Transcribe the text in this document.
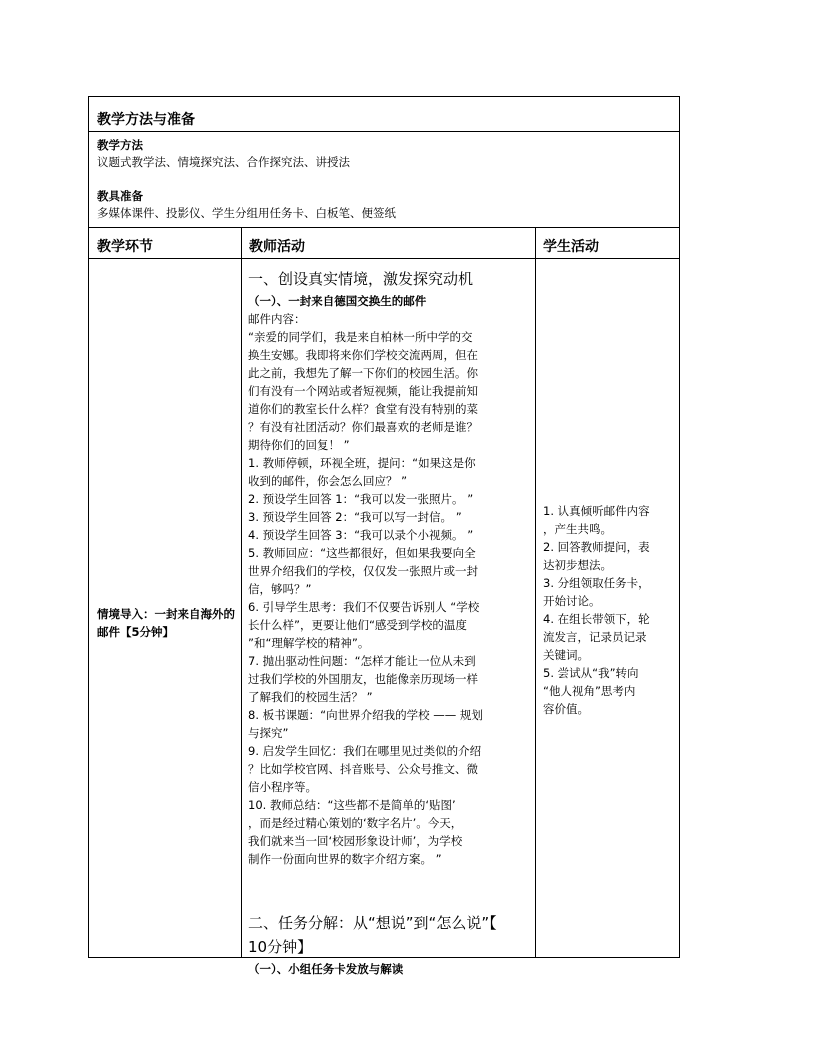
教学方法与准备
教学方法
议题式教学法、情境探究法、合作探究法、讲授法
教具准备
多媒体课件、投影仪、学生分组用任务卡、白板笔、便签纸
教学环节	教师活动	学生活动
情境导入：一封来自海外的邮件【5分钟】

一、创设真实情境，激发探究动机

（一）、一封来自德国交换生的邮件

邮件内容：

“亲爱的同学们，我是来自柏林一所中学的交

换生安娜。我即将来你们学校交流两周，但在

此之前，我想先了解一下你们的校园生活。你

们有没有一个网站或者短视频，能让我提前知

道你们的教室长什么样？食堂有没有特别的菜

？有没有社团活动？你们最喜欢的老师是谁？

期待你们的回复！ ”

1. 教师停顿，环视全班，提问：“如果这是你

收到的邮件，你会怎么回应？ ”

2. 预设学生回答 1：“我可以发一张照片。 ”

3. 预设学生回答 2：“我可以写一封信。 ”

4. 预设学生回答 3：“我可以录个小视频。 ”

5. 教师回应：“这些都很好，但如果我要向全

世界介绍我们的学校，仅仅发一张照片或一封

信，够吗？”

6. 引导学生思考：我们不仅要告诉别人 “学校

长什么样”，更要让他们“感受到学校的温度

”和“理解学校的精神”。

7. 抛出驱动性问题：“怎样才能让一位从未到

过我们学校的外国朋友，也能像亲历现场一样

了解我们的校园生活？ ”

8. 板书课题：“向世界介绍我的学校 —— 规划

与探究”

9. 启发学生回忆：我们在哪里见过类似的介绍

？比如学校官网、抖音账号、公众号推文、微

信小程序等。

10. 教师总结：“这些都不是简单的‘贴图’

，而是经过精心策划的‘数字名片’。今天，

我们就来当一回‘校园形象设计师’，为学校

制作一份面向世界的数字介绍方案。 ”

二、任务分解：从“想说”到“怎么说”【

10分钟】

（一）、小组任务卡发放与解读

1. 认真倾听邮件内容

，产生共鸣。

2. 回答教师提问，表

达初步想法。

3. 分组领取任务卡，

开始讨论。

4. 在组长带领下，轮

流发言，记录员记录

关键词。

5. 尝试从“我”转向

“他人视角”思考内

容价值。
